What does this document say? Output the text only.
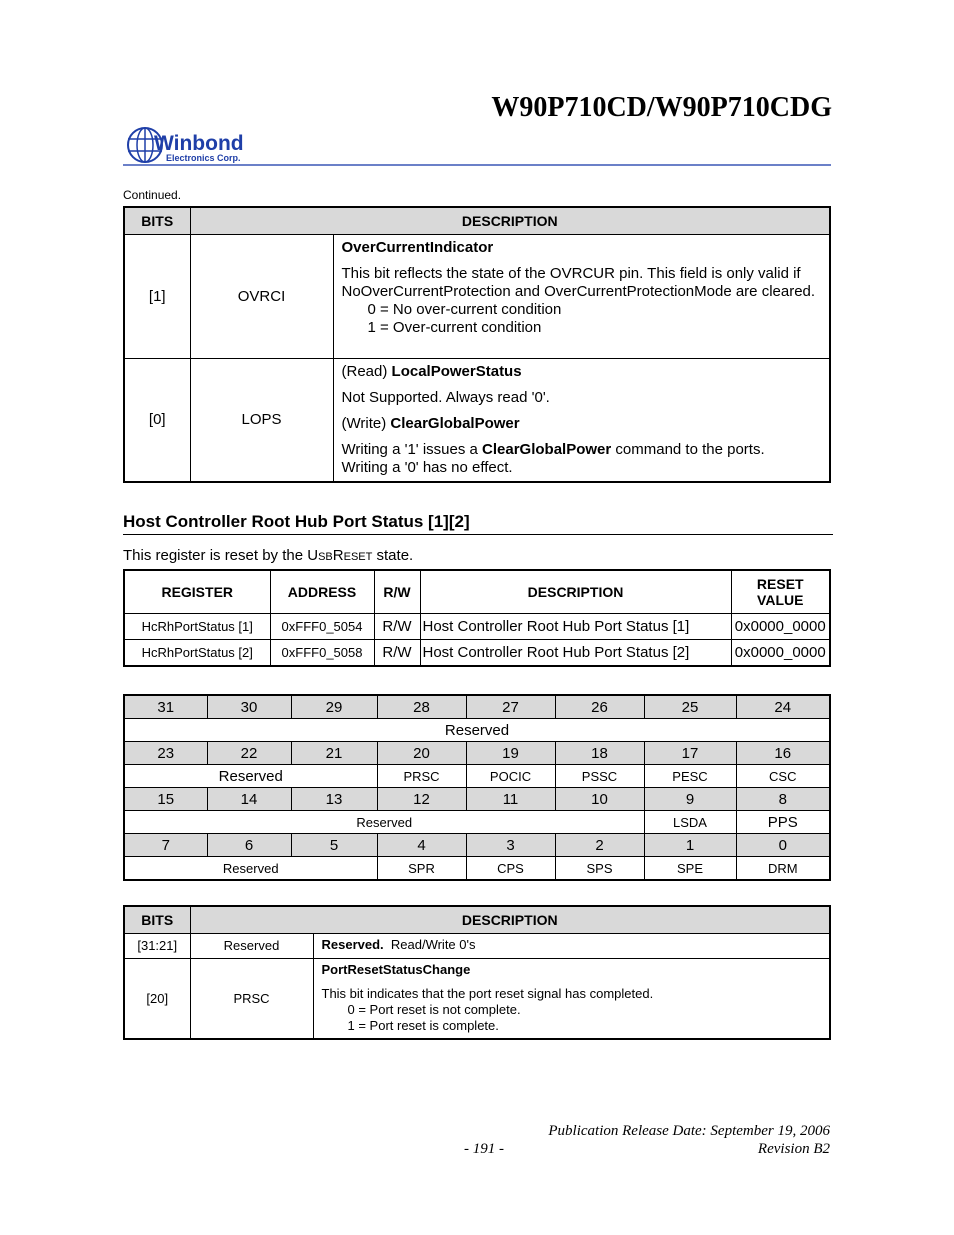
W90P710CD/W90P710CDG
Winbond
Electronics Corp.
Continued.
BITS	DESCRIPTION	
[1]	OVRCI	OverCurrentIndicator
This bit reflects the state of the OVRCUR pin. This field is only valid if NoOverCurrentProtection and OverCurrentProtectionMode are cleared.
0 = No over-current condition
1 = Over-current condition

[0]	LOPS	(Read) LocalPowerStatus
Not Supported. Always read '0'.
(Write) ClearGlobalPower
Writing a '1' issues a ClearGlobalPower command to the ports.
Writing a '0' has no effect.
Host Controller Root Hub Port Status [1][2]
This register is reset by the USBRESET state.
REGISTER	ADDRESS	R/W	DESCRIPTION	RESET VALUE
HcRhPortStatus [1]	0xFFF0_5054	R/W	Host Controller Root Hub Port Status [1]	0x0000_0000
HcRhPortStatus [2]	0xFFF0_5058	R/W	Host Controller Root Hub Port Status [2]	0x0000_0000
31	30	29	28	27	26	25	24
Reserved							
23	22	21	20	19	18	17	16
Reserved			PRSC	POCIC	PSSC	PESC	CSC
15	14	13	12	11	10	9	8
Reserved						LSDA	PPS
7	6	5	4	3	2	1	0
Reserved			SPR	CPS	SPS	SPE	DRM
BITS	DESCRIPTION	
[31:21]	Reserved	Reserved.  Read/Write 0's
[20]	PRSC	PortResetStatusChange
This bit indicates that the port reset signal has completed.
0 = Port reset is not complete.
1 = Port reset is complete.
Publication Release Date: September 19, 2006
- 191 -	Revision B2
